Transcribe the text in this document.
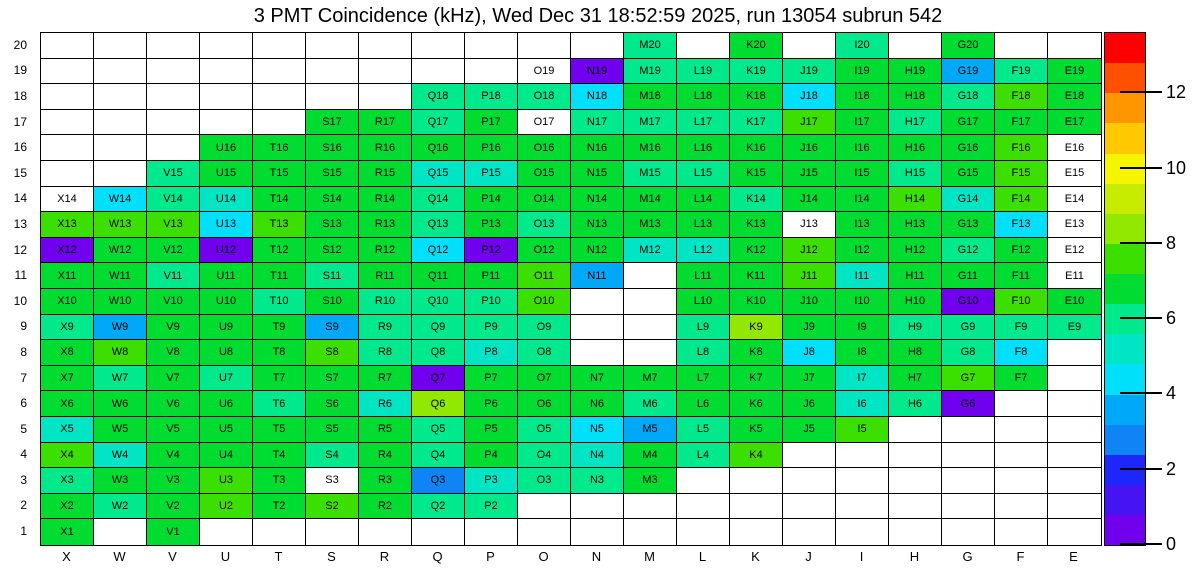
3 PMT Coincidence (kHz), Wed Dec 31 18:52:59 2025, run 13054 subrun 542
20
19
18
17
16
15
14
13
12
11
10
9
8
7
6
5
4
3
2
1
M20	K20	I20	G20
O19	N19	M19	L19	K19	J19	I19	H19	G19	F19	E19
Q18	P18	O18	N18	M18	L18	K18	J18	I18	H18	G18	F18	E18
S17	R17	Q17	P17	O17	N17	M17	L17	K17	J17	I17	H17	G17	F17	E17
U16	T16	S16	R16	Q16	P16	O16	N16	M16	L16	K16	J16	I16	H16	G16	F16	E16
V15	U15	T15	S15	R15	Q15	P15	O15	N15	M15	L15	K15	J15	I15	H15	G15	F15	E15
X14	W14	V14	U14	T14	S14	R14	Q14	P14	O14	N14	M14	L14	K14	J14	I14	H14	G14	F14	E14
X13	W13	V13	U13	T13	S13	R13	Q13	P13	O13	N13	M13	L13	K13	J13	I13	H13	G13	F13	E13
X12	W12	V12	U12	T12	S12	R12	Q12	P12	O12	N12	M12	L12	K12	J12	I12	H12	G12	F12	E12
X11	W11	V11	U11	T11	S11	R11	Q11	P11	O11	N11	L11	K11	J11	I11	H11	G11	F11	E11
X10	W10	V10	U10	T10	S10	R10	Q10	P10	O10	L10	K10	J10	I10	H10	G10	F10	E10
X9	W9	V9	U9	T9	S9	R9	Q9	P9	O9	L9	K9	J9	I9	H9	G9	F9	E9
X8	W8	V8	U8	T8	S8	R8	Q8	P8	O8	L8	K8	J8	I8	H8	G8	F8
X7	W7	V7	U7	T7	S7	R7	Q7	P7	O7	N7	M7	L7	K7	J7	I7	H7	G7	F7
X6	W6	V6	U6	T6	S6	R6	Q6	P6	O6	N6	M6	L6	K6	J6	I6	H6	G6
X5	W5	V5	U5	T5	S5	R5	Q5	P5	O5	N5	M5	L5	K5	J5	I5
X4	W4	V4	U4	T4	S4	R4	Q4	P4	O4	N4	M4	L4	K4
X3	W3	V3	U3	T3	S3	R3	Q3	P3	O3	N3	M3
X2	W2	V2	U2	T2	S2	R2	Q2	P2
X1	V1
X	W	V	U	T	S	R	Q	P	O	N	M	L	K	J	I	H	G	F	E
0
2
4
6
8
10
12
